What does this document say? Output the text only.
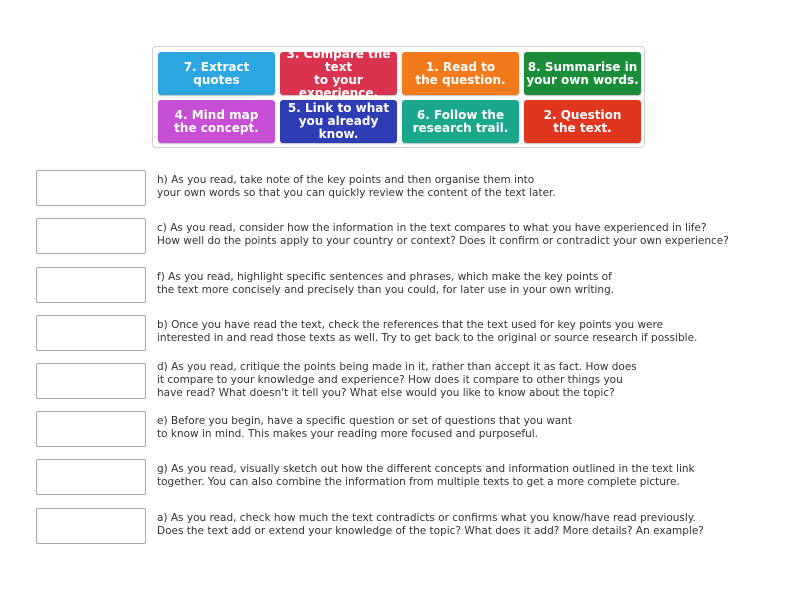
7. Extract quotes
3. Compare the text
to your experience.
1. Read to
the question.
8. Summarise in
your own words.
4. Mind map
the concept.
5. Link to what
you already know.
6. Follow the
research trail.
2. Question
the text.
h) As you read, take note of the key points and then organise them into
your own words so that you can quickly review the content of the text later.
c) As you read, consider how the information in the text compares to what you have experienced in life?
How well do the points apply to your country or context? Does it confirm or contradict your own experience?
f) As you read, highlight specific sentences and phrases, which make the key points of
the text more concisely and precisely than you could, for later use in your own writing.
b) Once you have read the text, check the references that the text used for key points you were
interested in and read those texts as well. Try to get back to the original or source research if possible.
d) As you read, critique the points being made in it, rather than accept it as fact. How does
it compare to your knowledge and experience? How does it compare to other things you
have read? What doesn't it tell you? What else would you like to know about the topic?
e) Before you begin, have a specific question or set of questions that you want
to know in mind. This makes your reading more focused and purposeful.
g) As you read, visually sketch out how the different concepts and information outlined in the text link
together. You can also combine the information from multiple texts to get a more complete picture.
a) As you read, check how much the text contradicts or confirms what you know/have read previously.
Does the text add or extend your knowledge of the topic? What does it add? More details? An example?
